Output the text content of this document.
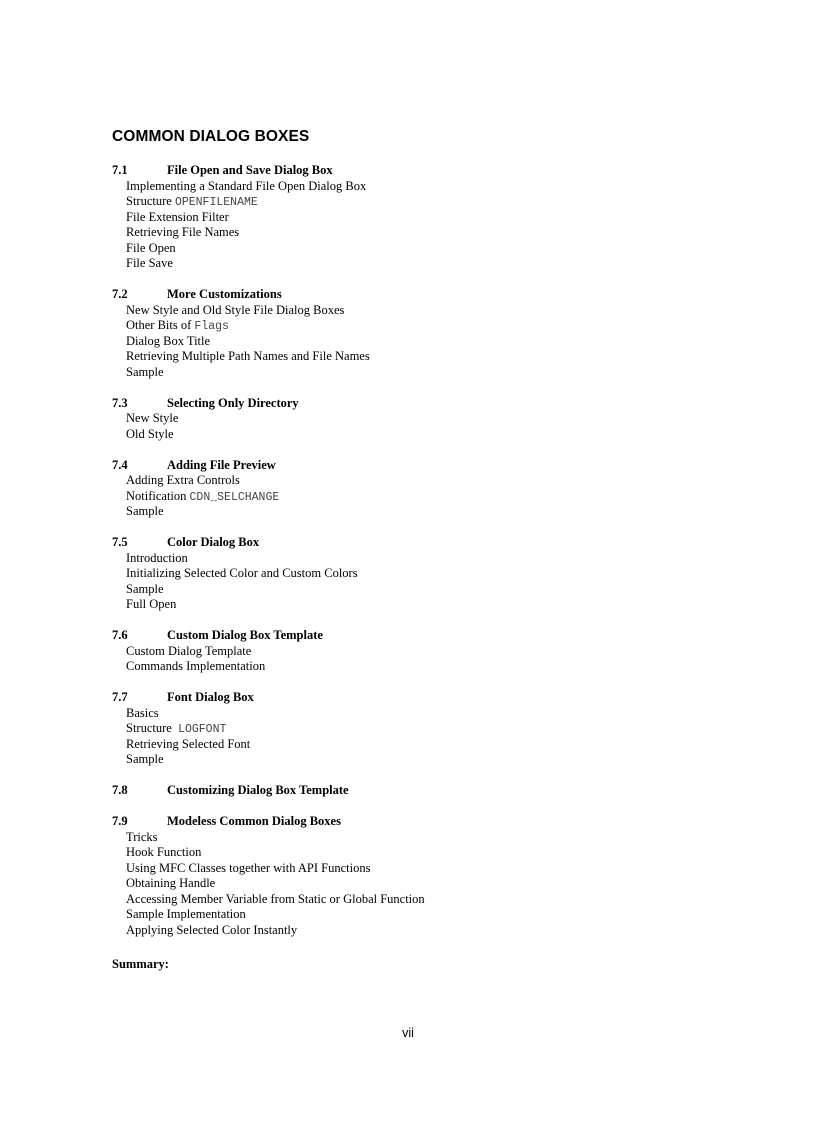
COMMON DIALOG BOXES
7.1	File Open and Save Dialog Box
Implementing a Standard File Open Dialog Box
Structure OPENFILENAME
File Extension Filter
Retrieving File Names
File Open
File Save
7.2	More Customizations
New Style and Old Style File Dialog Boxes
Other Bits of Flags
Dialog Box Title
Retrieving Multiple Path Names and File Names
Sample
7.3	Selecting Only Directory
New Style
Old Style
7.4	Adding File Preview
Adding Extra Controls
Notification CDN_SELCHANGE
Sample
7.5	Color Dialog Box
Introduction
Initializing Selected Color and Custom Colors
Sample
Full Open
7.6	Custom Dialog Box Template
Custom Dialog Template
Commands Implementation
7.7	Font Dialog Box
Basics
Structure  LOGFONT
Retrieving Selected Font
Sample
7.8	Customizing Dialog Box Template
7.9	Modeless Common Dialog Boxes
Tricks
Hook Function
Using MFC Classes together with API Functions
Obtaining Handle
Accessing Member Variable from Static or Global Function
Sample Implementation
Applying Selected Color Instantly
Summary:
vii
